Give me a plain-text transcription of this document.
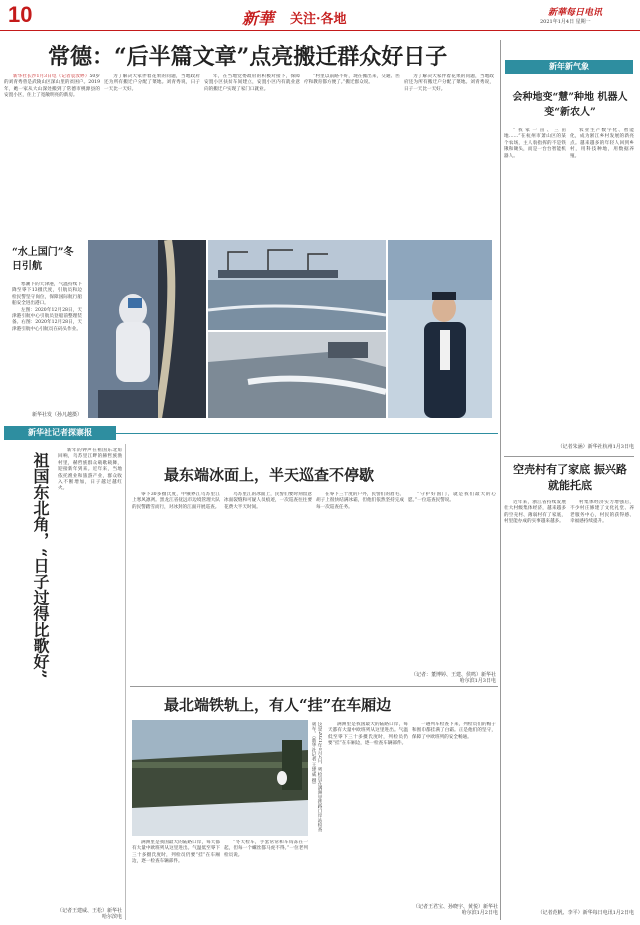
10	新華 关注·各地	新華每日电讯
2021年1月4日 星期一
常德：“后半篇文章”点亮搬迁群众好日子

新华社长沙1月3日电（记者袁汝婷）50岁的刘青秀曾是武陵山区深山里的贫困户。2019年，她一家从大山深处搬到了常德市桃源县的安置小区，住上了宽敞明亮的新房。

为了解决大家伴着花果的问题，当地政府还为所有搬迁户分配了菜地。刘青秀说，日子一天比一天好。

年，在当地党委政府的积极对接下，保障安置小区扶贫车间建立，安置小区内有就业意向的搬迁户实现了家门口就业。

“村里以前路不好，现在搬出来，交通、医疗和教育都方便了。”搬迁群众说。

为了解决大家伴着花果的问题，当地政府还为所有搬迁户分配了菜地。刘青秀说，日子一天比一天好。

“水上国门”冬日引航

寒潮下的天津港，气温持续下降至零下13摄氏度，引航员和边检民警坚守岗位，保障国际航行船舶安全进出港口。

左图：2020年12月28日，天津港引航中心引航员登船前整理装备。右图：2020年12月28日，天津港引航中心引航员在码头作业。

新华社发（孙凡越摄）
新年新气象
会种地变“慧”种地 机器人变“新农人”

“我家一亩、三亩地……”在杭州市萧山区的某个农场，主人翁指挥的不是铁锹和锄头，而是一台台智能机器人。

农业生产数字化、智能化，成为浙江乡村发展的新亮点。越来越多的年轻人回到乡村，用科技种地，用数据养殖。

（记者朱涵）新华社杭州1月3日电
空壳村有了家底 振兴路就能托底

近年来，浙江省持续发展壮大村级集体经济，越来越多的空壳村、薄弱村有了家底，村里能办成的实事越来越多。

村集体经济实力增强后，不少村庄修建了文化礼堂、养老服务中心，村民的获得感、幸福感持续提升。

（记者范帆、李平）新华每日电讯1月2日电
新华社记者探寨报
祖国东北角，“日子过得比歌好”

新年的钟声在祖国东北角回响，乌苏里江畔的赫哲族渔村里，赫哲族群众载歌载舞，迎接新年到来。近年来，当地依托渔业和旅游产业，群众收入不断增加，日子越过越红火。

（记者王建威、王松）新华社哈尔滨电
最东端冰面上，半天巡查不停歇

零下30多摄氏度，中俄界江乌苏里江上寒风凛冽。黑龙江省抚远市边境管理大队的民警踏雪而行，对冰封的江面开展巡查。

乌苏里江的冰面上，民警们要时刻留意冰面裂缝和可疑人员痕迹，一次巡查往往要花费大半天时间。

在零下三十度的户外，民警们的眉毛、胡子上很快结满冰霜，但他们依然坚持完成每一次巡查任务。

“守护好国门，就是我们最大的心愿。”一位巡查民警说。

（记者：董博婷、王建、侯鸣）新华社哈尔滨1月3日电
最北端铁轨上，有人“挂”在车厢边
这是2021年1月2日，列检员在满洲里铁路口岸站检查列车。（新华社记者 王建威 摄）

满洲里是我国最大的陆路口岸，每天都有大量中欧班列从这里进出。气温低至零下三十多摄氏度时，列检员仍要“挂”在车厢边，逐一检查车辆部件。

“冬天检车，手套常常和车钩冻在一起，但每一个螺丝都马虎不得。”一位老列检员说。

满洲里是我国最大的陆路口岸，每天都有大量中欧班列从这里进出。气温低至零下三十多摄氏度时，列检员仍要“挂”在车厢边，逐一检查车辆部件。

一趟列车检查下来，列检员们的帽子和围巾都挂满了白霜。正是他们的坚守，保障了中欧班列的安全畅通。

（记者王君宝、孙晓宇、黄悦）新华社哈尔滨1月2日电
